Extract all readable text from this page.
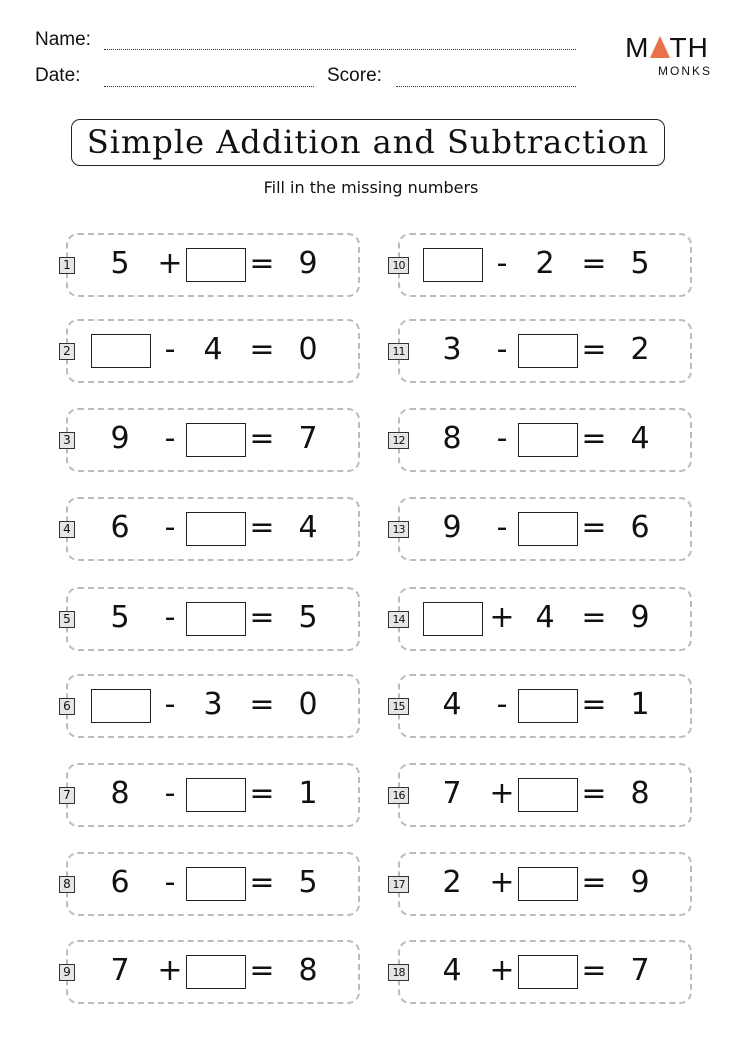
Name:
Date:	Score:
M TH
MONKS
Simple Addition and Subtraction
Fill in the missing numbers
1 5 + = 9
2	- 4 = 0
3 9	-	= 7
4 6	-	= 4
5 5	-	= 5
6	- 3 = 0
7 8	-	= 1
8 6	-	= 5
9 7 + = 8
10	- 2 = 5
11 3	-	= 2
12 8	-	= 4
13 9	-	= 6
14	+ 4 = 9
15 4	-	= 1
16 7 + = 8
17 2 + = 9
18 4 + = 7
